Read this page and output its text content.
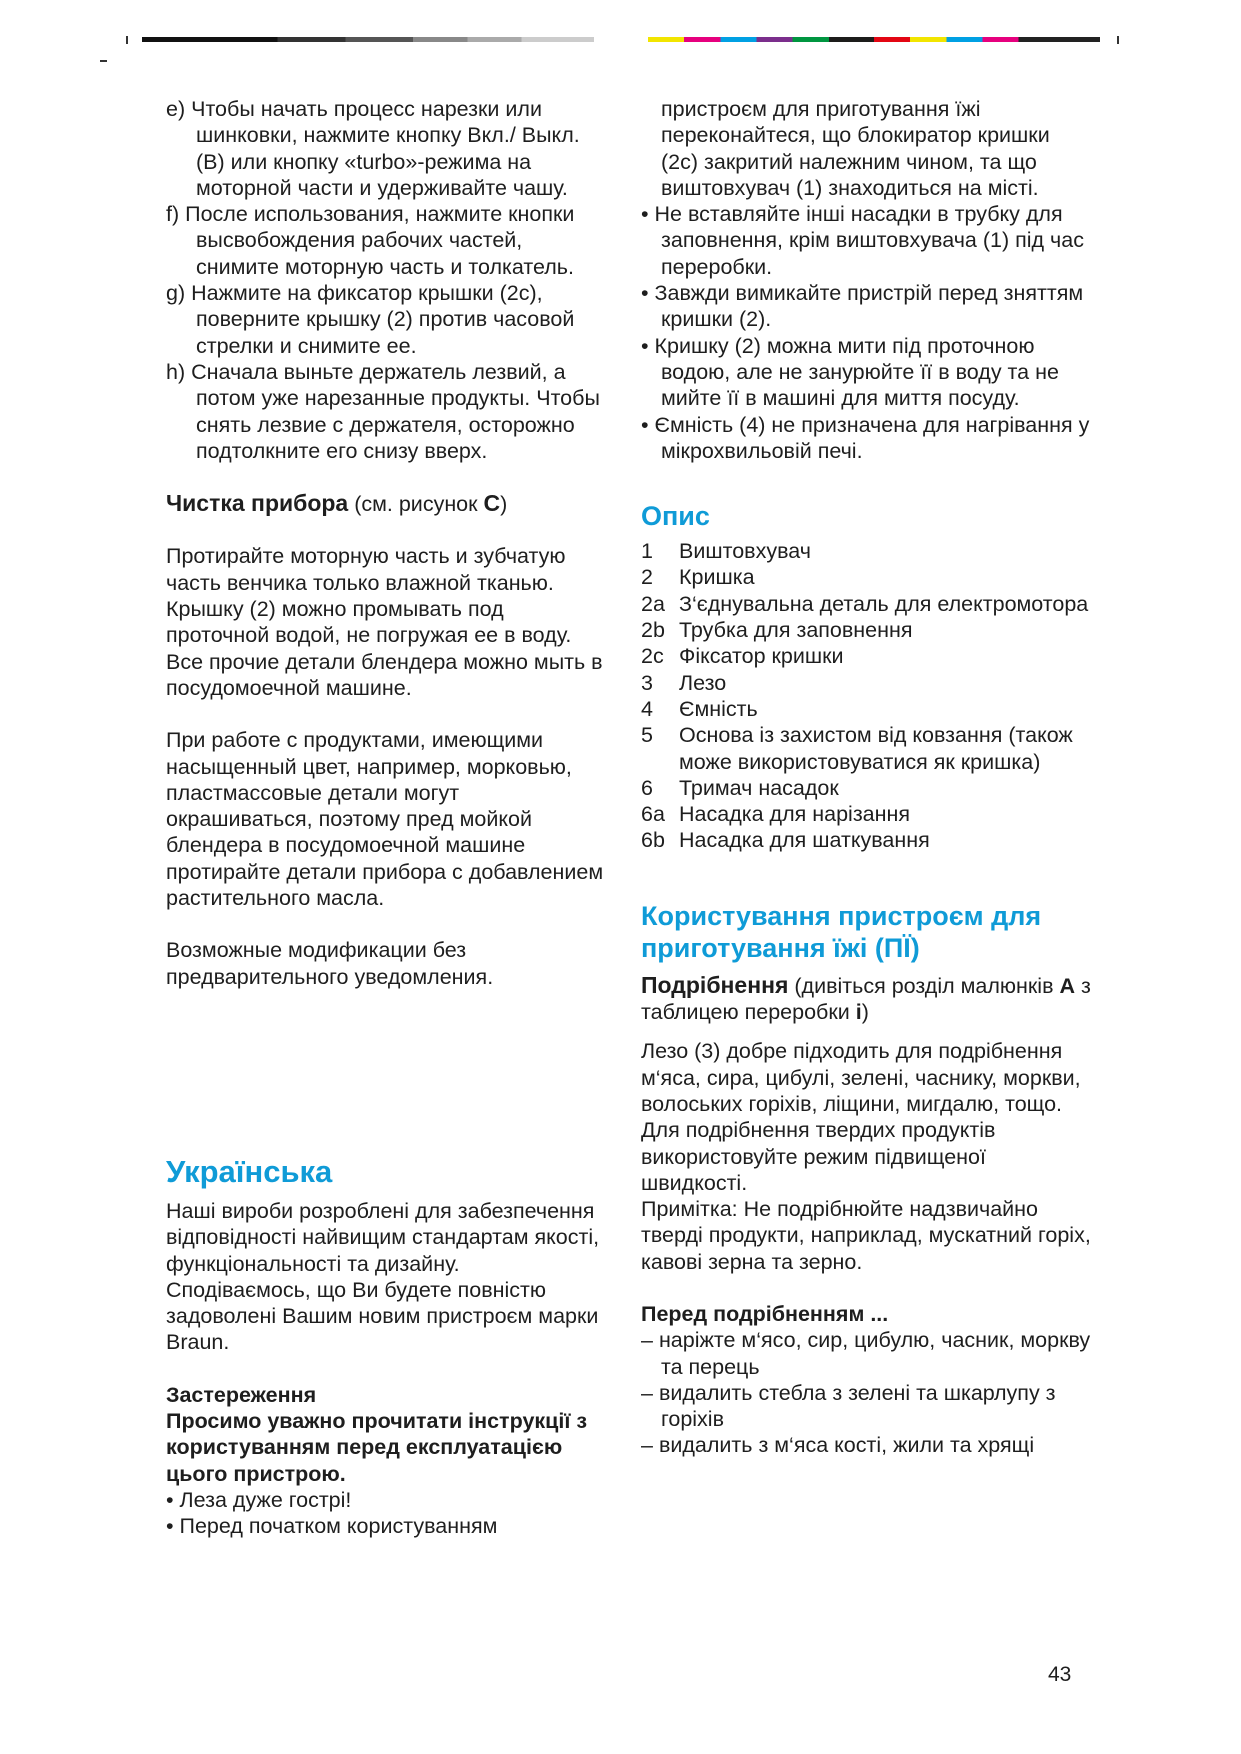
e) Чтобы начать процесс нарезки или шинковки, нажмите кнопку Вкл./ Выкл. (B) или кнопку «turbo»-режима на моторной части и удерживайте чашу.

f) После использования, нажмите кнопки высвобождения рабочих частей, снимите моторную часть и толкатель.

g) Нажмите на фиксатор крышки (2c), поверните крышку (2) против часовой стрелки и снимите ее.

h) Сначала выньте держатель лезвий, а потом уже нарезанные продукты. Чтобы снять лезвие с держателя, осторожно подтолкните его снизу вверх.

Чистка прибора (см. рисунок C)

Протирайте моторную часть и зубчатую часть венчика только влажной тканью. Крышку (2) можно промывать под проточной водой, не погружая ее в воду.

Все прочие детали блендера можно мыть в посудомоечной машине.

При работе с продуктами, имеющими насыщенный цвет, например, морковью, пластмассовые детали могут окрашиваться, поэтому пред мойкой блендера в посудомоечной машине протирайте детали прибора с добавлением растительного масла.

Возможные модификации без предварительного уведомления.

Українська

Наші вироби розроблені для забезпечення відповідності найвищим стандартам якості, функціональності та дизайну. Сподіваємось, що Ви будете повністю задоволені Вашим новим пристроєм марки Braun.

Застереження

Просимо уважно прочитати інструкції з користуванням перед експлуатацією цього пристрою.

• Леза дуже гострі!

• Перед початком користуванням

пристроєм для приготування їжі переконайтеся, що блокиратор кришки (2c) закритий належним чином, та що виштовхувач (1) знаходиться на місті.

• Не вставляйте інші насадки в трубку для заповнення, крім виштовхувача (1) під час переробки.

• Завжди вимикайте пристрій перед зняттям кришки (2).

• Кришку (2) можна мити під проточною водою, але не занурюйте її в воду та не мийте її в машині для миття посуду.

• Ємність (4) не призначена для нагрівання у мікрохвильовій печі.

Опис

1	Виштовхувач
2	Кришка
2a З‘єднувальна деталь для електромотора
2b Трубка для заповнення
2c Фіксатор кришки
3	Лезо
4	Ємність
5	Основа із захистом від ковзання (також може використовуватися як кришка)
6	Тримач насадок
6a Насадка для нарізання
6b Насадка для шаткування

Користування пристроєм для приготування їжі (ПЇ)

Подрібнення (дивіться розділ малюнків A з таблицею переробки i)

Лезо (3) добре підходить для подрібнення м‘яса, сира, цибулі, зелені, часнику, моркви, волоських горіхів, ліщини, мигдалю, тощо. Для подрібнення твердих продуктів використовуйте режим підвищеної швидкості.

Примітка: Не подрібнюйте надзвичайно тверді продукти, наприклад, мускатний горіх, кавові зерна та зерно.

Перед подрібненням ...

– наріжте м‘ясо, сир, цибулю, часник, моркву та перець

– видалить стебла з зелені та шкарлупу з горіхів

– видалить з м‘яса кості, жили та хрящі

43
